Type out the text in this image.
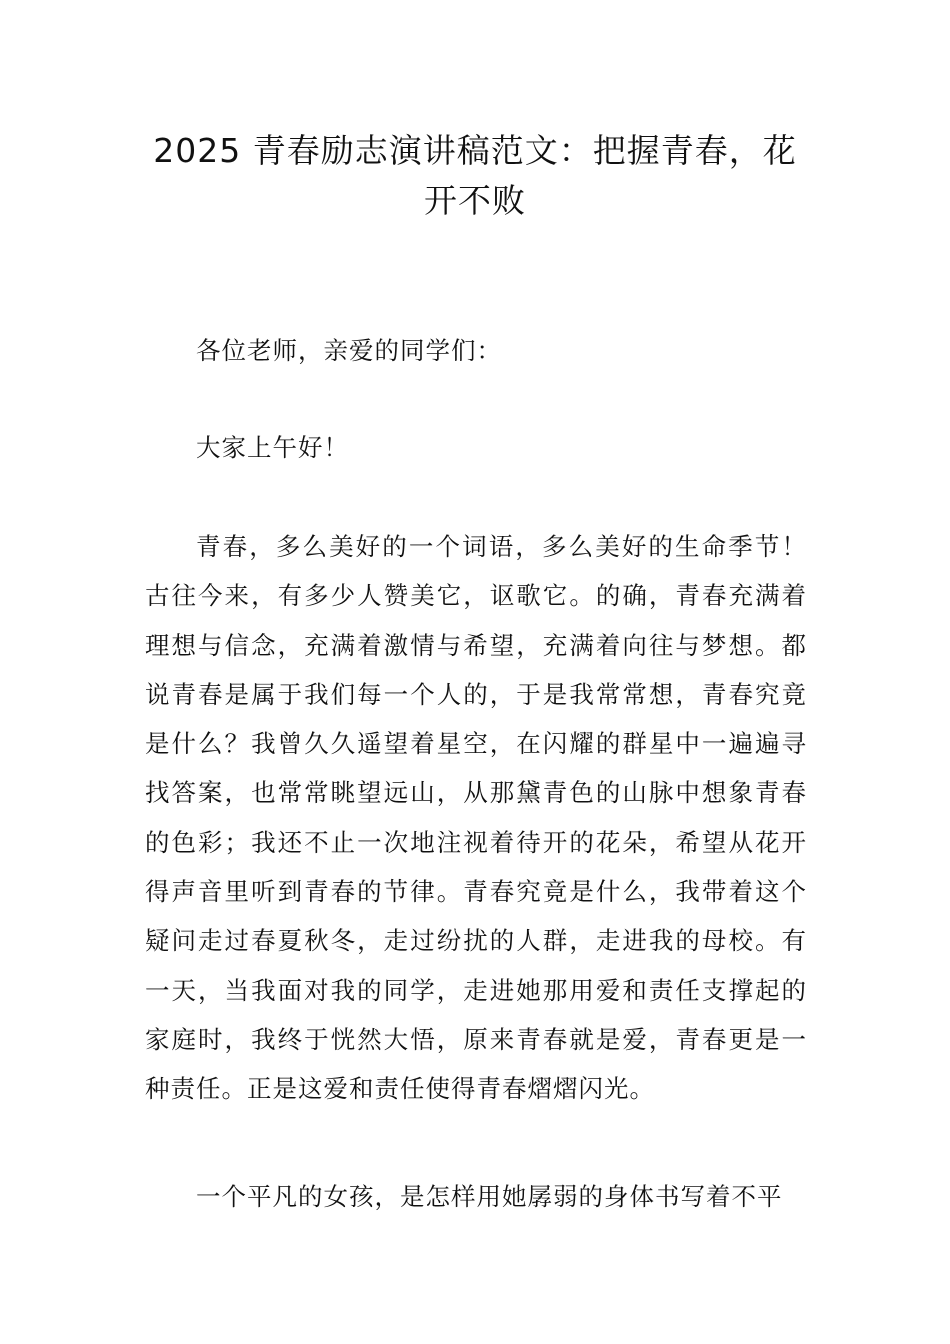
2025 青春励志演讲稿范文：把握青春，花
开不败

各位老师，亲爱的同学们：

大家上午好！

青春，多么美好的一个词语，多么美好的生命季节！古往今来，有多少人赞美它，讴歌它。的确，青春充满着理想与信念，充满着激情与希望，充满着向往与梦想。都说青春是属于我们每一个人的，于是我常常想，青春究竟是什么？我曾久久遥望着星空，在闪耀的群星中一遍遍寻找答案，也常常眺望远山，从那黛青色的山脉中想象青春的色彩；我还不止一次地注视着待开的花朵，希望从花开得声音里听到青春的节律。青春究竟是什么，我带着这个疑问走过春夏秋冬，走过纷扰的人群，走进我的母校。有一天，当我面对我的同学，走进她那用爱和责任支撑起的家庭时，我终于恍然大悟，原来青春就是爱，青春更是一种责任。正是这爱和责任使得青春熠熠闪光。

一个平凡的女孩，是怎样用她孱弱的身体书写着不平
